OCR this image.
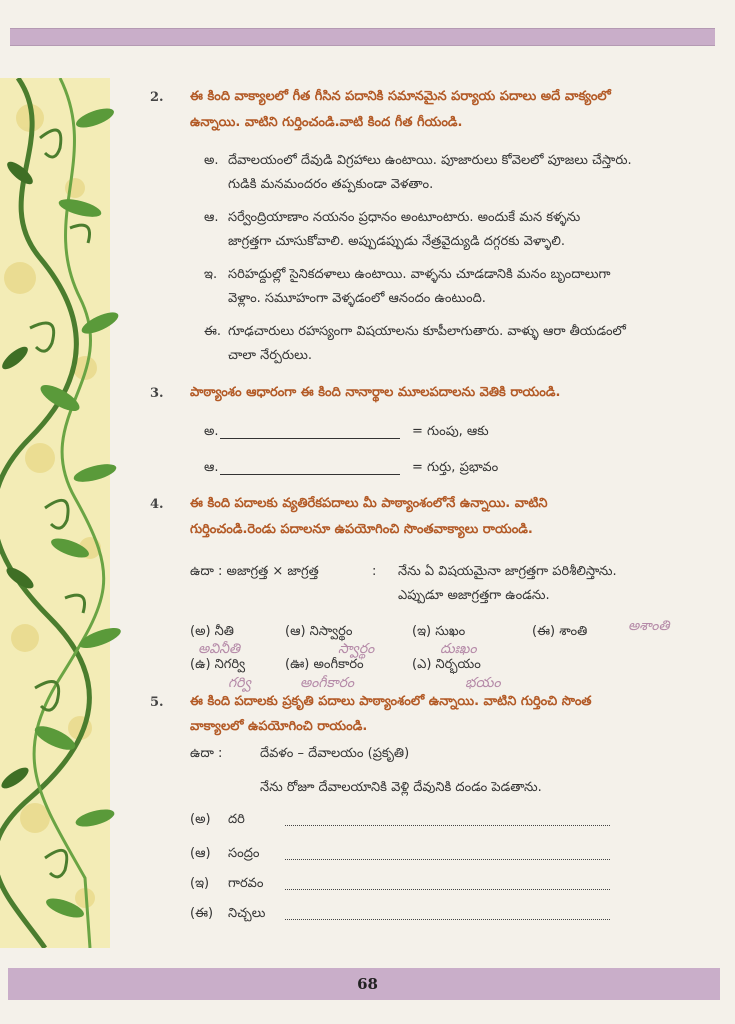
2. ఈ కింది వాక్యాలలో గీత గీసిన పదానికి సమానమైన పర్యాయ పదాలు అదే వాక్యంలో
ఉన్నాయి. వాటిని గుర్తించండి.వాటి కింద గీత గీయండి.
అ. దేవాలయంలో దేవుడి విగ్రహాలు ఉంటాయి. పూజారులు కోవెలలో పూజలు చేస్తారు.
గుడికి మనమందరం తప్పకుండా వెళతాం.
ఆ. సర్వేంద్రియాణాం నయనం ప్రధానం అంటూంటారు. అందుకే మన కళ్ళను
జాగ్రత్తగా చూసుకోవాలి. అప్పుడప్పుడు నేత్రవైద్యుడి దగ్గరకు వెళ్ళాలి.
ఇ. సరిహద్దుల్లో సైనికదళాలు ఉంటాయి. వాళ్ళను చూడడానికి మనం బృందాలుగా
వెళ్లాం. సమూహంగా వెళ్ళడంలో ఆనందం ఉంటుంది.
ఈ. గూఢచారులు రహస్యంగా విషయాలను కూపీలాగుతారు. వాళ్ళు ఆరా తీయడంలో
చాలా నేర్పరులు.
3. పాఠ్యాంశం ఆధారంగా ఈ కింది నానార్థాల మూలపదాలను వెతికి రాయండి.
అ.	= గుంపు, ఆకు
ఆ.	= గుర్తు, ప్రభావం
4. ఈ కింది పదాలకు వ్యతిరేకపదాలు మీ పాఠ్యాంశంలోనే ఉన్నాయి. వాటిని
గుర్తించండి.రెండు పదాలనూ ఉపయోగించి సొంతవాక్యాలు రాయండి.
ఉదా : అజాగ్రత్త × జాగ్రత్త	: నేను ఏ విషయమైనా జాగ్రత్తగా పరిశీలిస్తాను.
ఎప్పుడూ అజాగ్రత్తగా ఉండను.
(అ) నీతి	(ఆ) నిస్వార్థం	(ఇ) సుఖం	(ఈ) శాంతి
(ఉ) నిగర్వి	(ఊ) అంగీకారం	(ఎ) నిర్భయం
అశాంతి
అవినీతి	స్వార్థం	దుఃఖం
గర్వి	అంగీకారం	భయం
5. ఈ కింది పదాలకు ప్రకృతి పదాలు పాఠ్యాంశంలో ఉన్నాయి. వాటిని గుర్తించి సొంత
వాక్యాలలో ఉపయోగించి రాయండి.
ఉదా :	దేవళం – దేవాలయం (ప్రకృతి)
నేను రోజూ దేవాలయానికి వెళ్లి దేవునికి దండం పెడతాను.
(అ) దరి
(ఆ) సంద్రం
(ఇ) గారవం
(ఈ) నిచ్చలు
68
